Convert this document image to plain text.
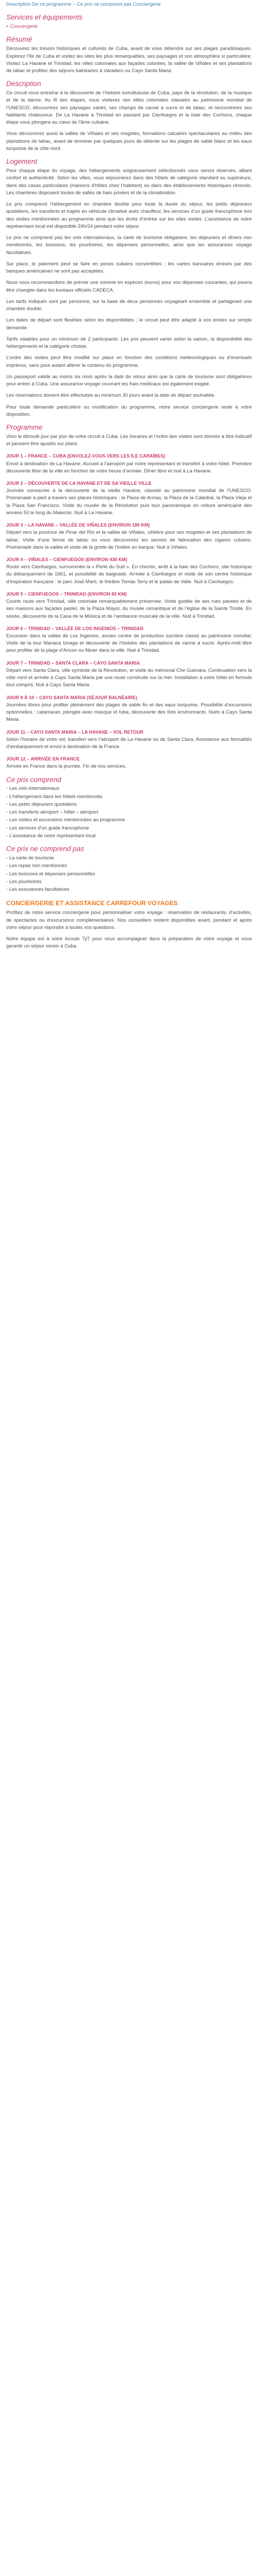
Description De ce programme – Ce prix ne comprend pas Conciergerie
Services et équipements
• Conciergerie
Résumé

Découvrez les trésors historiques et culturels de Cuba, avant de vous détendre sur ses plages paradisiaques. Explorez l’île de Cuba et visitez les sites les plus remarquables, ses paysages et son atmosphère si particulière. Visitez La Havane et Trinidad, les villes coloniales aux façades colorées, la vallée de Viñales et ses plantations de tabac et profitez des séjours balnéaires à Varadero ou Cayo Santa Maria.

Description

Ce circuit vous entraîne à la découverte de l’histoire tumultueuse de Cuba, pays de la révolution, de la musique et de la danse. Au fil des étapes, vous visiterez ses villes coloniales classées au patrimoine mondial de l’UNESCO, découvrirez ses paysages variés, ses champs de canne à sucre et de tabac, et rencontrerez ses habitants chaleureux. De La Havane à Trinidad en passant par Cienfuegos et la baie des Cochons, chaque étape vous plongera au cœur de l’âme cubaine.

Vous découvrirez aussi la vallée de Viñales et ses mogotes, formations calcaires spectaculaires au milieu des plantations de tabac, avant de terminer par quelques jours de détente sur les plages de sable blanc et les eaux turquoise de la côte nord.

Logement

Pour chaque étape du voyage, des hébergements soigneusement sélectionnés vous seront réservés, alliant confort et authenticité. Selon les villes, vous séjournerez dans des hôtels de catégorie standard ou supérieure, dans des casas particulares (maisons d’hôtes chez l’habitant) ou dans des établissements historiques rénovés. Les chambres disposent toutes de salles de bain privées et de la climatisation.

Le prix comprend l’hébergement en chambre double pour toute la durée du séjour, les petits déjeuners quotidiens, les transferts et trajets en véhicule climatisé avec chauffeur, les services d’un guide francophone lors des visites mentionnées au programme ainsi que les droits d’entrée sur les sites visités. L’assistance de notre représentant local est disponible 24h/24 pendant votre séjour.

Le prix ne comprend pas les vols internationaux, la carte de tourisme obligatoire, les déjeuners et dîners non mentionnés, les boissons, les pourboires, les dépenses personnelles, ainsi que les assurances voyage facultatives.

Sur place, le paiement peut se faire en pesos cubains convertibles ; les cartes bancaires émises par des banques américaines ne sont pas acceptées.

Nous vous recommandons de prévoir une somme en espèces (euros) pour vos dépenses courantes, qui pourra être changée dans les bureaux officiels CADECA.

Les tarifs indiqués sont par personne, sur la base de deux personnes voyageant ensemble et partageant une chambre double.

Les dates de départ sont flexibles selon les disponibilités ; le circuit peut être adapté à vos envies sur simple demande.

Tarifs valables pour un minimum de 2 participants. Les prix peuvent varier selon la saison, la disponibilité des hébergements et la catégorie choisie.

L’ordre des visites peut être modifié sur place en fonction des conditions météorologiques ou d’éventuels imprévus, sans pour autant altérer le contenu du programme.

Un passeport valide au moins six mois après la date de retour ainsi que la carte de tourisme sont obligatoires pour entrer à Cuba. Une assurance voyage couvrant les frais médicaux est également exigée.

Les réservations doivent être effectuées au minimum 30 jours avant la date de départ souhaitée.

Pour toute demande particulière ou modification du programme, notre service conciergerie reste à votre disposition.

Programme

Voici le déroulé jour par jour de votre circuit à Cuba. Les horaires et l’ordre des visites sont donnés à titre indicatif et peuvent être ajustés sur place.

JOUR 1 – FRANCE – CUBA (ENVOLEZ-VOUS VERS LES ÎLE CARAÏBES)

Envol à destination de La Havane. Accueil à l’aéroport par notre représentant et transfert à votre hôtel. Première découverte libre de la ville en fonction de votre heure d’arrivée. Dîner libre et nuit à La Havane.

JOUR 2 – DÉCOUVERTE DE LA HAVANE ET DE SA VIEILLE VILLE

Journée consacrée à la découverte de la vieille Havane, classée au patrimoine mondial de l’UNESCO. Promenade à pied à travers ses places historiques : la Plaza de Armas, la Plaza de la Catedral, la Plaza Vieja et la Plaza San Francisco. Visite du musée de la Révolution puis tour panoramique en voiture américaine des années 50 le long du Malecón. Nuit à La Havane.

JOUR 3 – LA HAVANE – VALLÉE DE VIÑALES (ENVIRON 180 KM)

Départ vers la province de Pinar del Río et la vallée de Viñales, célèbre pour ses mogotes et ses plantations de tabac. Visite d’une ferme de tabac où vous découvrirez les secrets de fabrication des cigares cubains. Promenade dans la vallée et visite de la grotte de l’Indien en barque. Nuit à Viñales.

JOUR 4 – VIÑALES – CIENFUEGOS (ENVIRON 430 KM)

Route vers Cienfuegos, surnommée la « Perle du Sud ». En chemin, arrêt à la baie des Cochons, site historique du débarquement de 1961, et possibilité de baignade. Arrivée à Cienfuegos et visite de son centre historique d’inspiration française : le parc José Martí, le théâtre Tomás Terry et le palais de Valle. Nuit à Cienfuegos.

JOUR 5 – CIENFUEGOS – TRINIDAD (ENVIRON 80 KM)

Courte route vers Trinidad, ville coloniale remarquablement préservée. Visite guidée de ses rues pavées et de ses maisons aux façades pastel, de la Plaza Mayor, du musée romantique et de l’église de la Sainte Trinité. En soirée, découverte de la Casa de la Música et de l’ambiance musicale de la ville. Nuit à Trinidad.

JOUR 6 – TRINIDAD – VALLÉE DE LOS INGENIOS – TRINIDAD

Excursion dans la vallée de Los Ingenios, ancien centre de production sucrière classé au patrimoine mondial. Visite de la tour Manaca Iznaga et découverte de l’histoire des plantations de canne à sucre. Après-midi libre pour profiter de la plage d’Ancon ou flâner dans la ville. Nuit à Trinidad.

JOUR 7 – TRINIDAD – SANTA CLARA – CAYO SANTA MARIA

Départ vers Santa Clara, ville symbole de la Révolution, et visite du mémorial Che Guevara. Continuation vers la côte nord et arrivée à Cayo Santa Maria par une route construite sur la mer. Installation à votre hôtel en formule tout compris. Nuit à Cayo Santa Maria.

JOUR 8 À 10 – CAYO SANTA MARIA (SÉJOUR BALNÉAIRE)

Journées libres pour profiter pleinement des plages de sable fin et des eaux turquoise. Possibilité d’excursions optionnelles : catamaran, plongée avec masque et tuba, découverte des îlots environnants. Nuits à Cayo Santa Maria.

JOUR 11 – CAYO SANTA MARIA – LA HAVANE – VOL RETOUR

Selon l’horaire de votre vol, transfert vers l’aéroport de La Havane ou de Santa Clara. Assistance aux formalités d’embarquement et envol à destination de la France.

JOUR 12 – ARRIVÉE EN FRANCE

Arrivée en France dans la journée. Fin de nos services.

Ce prix comprend
- Les vols internationaux
- L’hébergement dans les hôtels mentionnés
- Les petits déjeuners quotidiens
- Les transferts aéroport – hôtel – aéroport
- Les visites et excursions mentionnées au programme
- Les services d’un guide francophone
- L’assistance de notre représentant local
Ce prix ne comprend pas
- La carte de tourisme
- Les repas non mentionnés
- Les boissons et dépenses personnelles
- Les pourboires
- Les assurances facultatives
CONCIERGERIE ET ASSISTANCE CARREFOUR VOYAGES

Profitez de notre service conciergerie pour personnaliser votre voyage : réservation de restaurants, d’activités, de spectacles ou d’excursions complémentaires. Nos conseillers restent disponibles avant, pendant et après votre séjour pour répondre à toutes vos questions.

Notre équipe est à votre écoute 7j/7 pour vous accompagner dans la préparation de votre voyage et vous garantir un séjour serein à Cuba.
